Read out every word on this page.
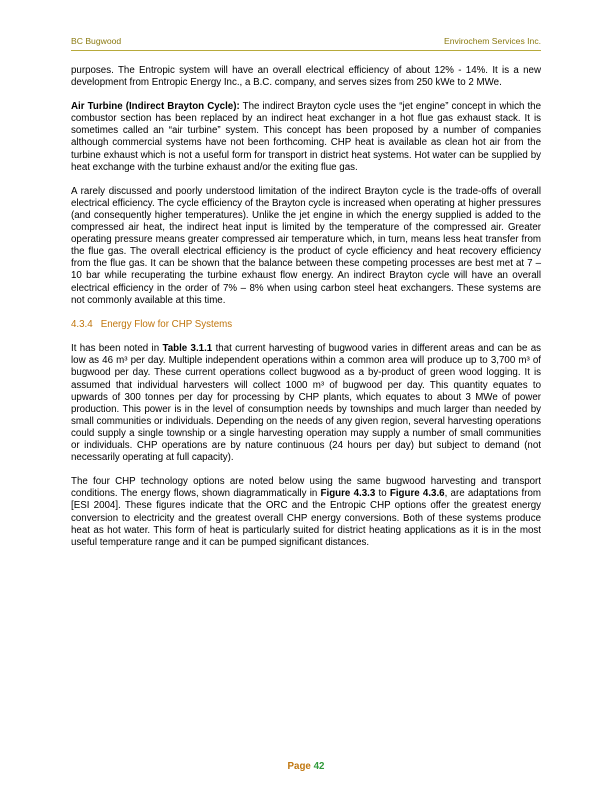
BC Bugwood	Envirochem Services Inc.

purposes. The Entropic system will have an overall electrical efficiency of about 12% - 14%. It is a new development from Entropic Energy Inc., a B.C. company, and serves sizes from 250 kWe to 2 MWe.

Air Turbine (Indirect Brayton Cycle): The indirect Brayton cycle uses the “jet engine” concept in which the combustor section has been replaced by an indirect heat exchanger in a hot flue gas exhaust stack. It is sometimes called an “air turbine” system. This concept has been proposed by a number of companies although commercial systems have not been forthcoming. CHP heat is available as clean hot air from the turbine exhaust which is not a useful form for transport in district heat systems. Hot water can be supplied by heat exchange with the turbine exhaust and/or the exiting flue gas.

A rarely discussed and poorly understood limitation of the indirect Brayton cycle is the trade-offs of overall electrical efficiency. The cycle efficiency of the Brayton cycle is increased when operating at higher pressures (and consequently higher temperatures). Unlike the jet engine in which the energy supplied is added to the compressed air heat, the indirect heat input is limited by the temperature of the compressed air. Greater operating pressure means greater compressed air temperature which, in turn, means less heat transfer from the flue gas. The overall electrical efficiency is the product of cycle efficiency and heat recovery efficiency from the flue gas. It can be shown that the balance between these competing processes are best met at 7 – 10 bar while recuperating the turbine exhaust flow energy. An indirect Brayton cycle will have an overall electrical efficiency in the order of 7% – 8% when using carbon steel heat exchangers. These systems are not commonly available at this time.

4.3.4 Energy Flow for CHP Systems

It has been noted in Table 3.1.1 that current harvesting of bugwood varies in different areas and can be as low as 46 m³ per day. Multiple independent operations within a common area will produce up to 3,700 m³ of bugwood per day. These current operations collect bugwood as a by-product of green wood logging. It is assumed that individual harvesters will collect 1000 m³ of bugwood per day. This quantity equates to upwards of 300 tonnes per day for processing by CHP plants, which equates to about 3 MWe of power production. This power is in the level of consumption needs by townships and much larger than needed by small communities or individuals. Depending on the needs of any given region, several harvesting operations could supply a single township or a single harvesting operation may supply a number of small communities or individuals. CHP operations are by nature continuous (24 hours per day) but subject to demand (not necessarily operating at full capacity).

The four CHP technology options are noted below using the same bugwood harvesting and transport conditions. The energy flows, shown diagrammatically in Figure 4.3.3 to Figure 4.3.6, are adaptations from [ESI 2004]. These figures indicate that the ORC and the Entropic CHP options offer the greatest energy conversion to electricity and the greatest overall CHP energy conversions. Both of these systems produce heat as hot water. This form of heat is particularly suited for district heating applications as it is in the most useful temperature range and it can be pumped significant distances.

Page 42
